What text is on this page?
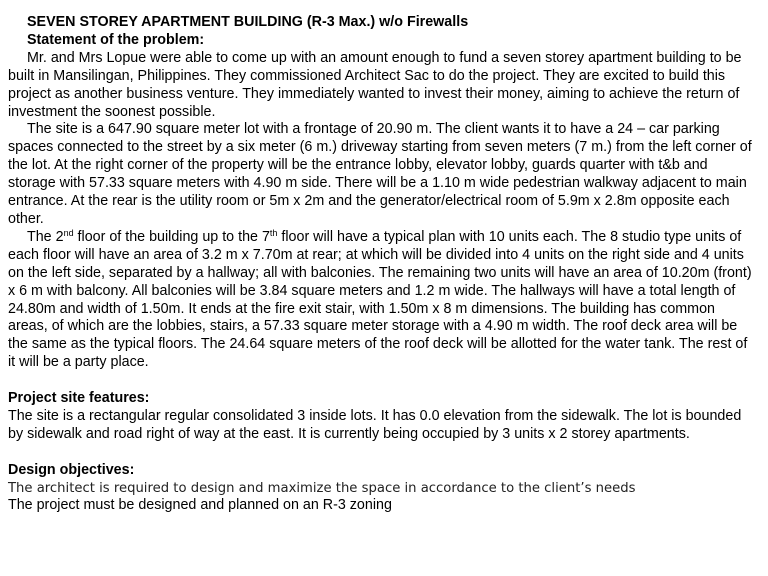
SEVEN STOREY APARTMENT BUILDING (R-3 Max.) w/o Firewalls
Statement of the problem:

Mr. and Mrs Lopue were able to come up with an amount enough to fund a seven storey apartment building to be built in Mansilingan, Philippines. They commissioned Architect Sac to do the project. They are excited to build this project as another business venture. They immediately wanted to invest their money, aiming to achieve the return of investment the soonest possible.

The site is a 647.90 square meter lot with a frontage of 20.90 m. The client wants it to have a 24 – car parking spaces connected to the street by a six meter (6 m.) driveway starting from seven meters (7 m.) from the left corner of the lot. At the right corner of the property will be the entrance lobby, elevator lobby, guards quarter with t&b and storage with 57.33 square meters with 4.90 m side. There will be a 1.10 m wide pedestrian walkway adjacent to main entrance. At the rear is the utility room or 5m x 2m and the generator/electrical room of 5.9m x 2.8m opposite each other.

The 2nd floor of the building up to the 7th floor will have a typical plan with 10 units each. The 8 studio type units of each floor will have an area of 3.2 m x 7.70m at rear; at which will be divided into 4 units on the right side and 4 units on the left side, separated by a hallway; all with balconies. The remaining two units will have an area of 10.20m (front) x 6 m with balcony. All balconies will be 3.84 square meters and 1.2 m wide. The hallways will have a total length of 24.80m and width of 1.50m. It ends at the fire exit stair, with 1.50m x 8 m dimensions. The building has common areas, of which are the lobbies, stairs, a 57.33 square meter storage with a 4.90 m width. The roof deck area will be the same as the typical floors. The 24.64 square meters of the roof deck will be allotted for the water tank. The rest of it will be a party place.

Project site features:

The site is a rectangular regular consolidated 3 inside lots. It has 0.0 elevation from the sidewalk. The lot is bounded by sidewalk and road right of way at the east. It is currently being occupied by 3 units x 2 storey apartments.

Design objectives:

The architect is required to design and maximize the space in accordance to the client’s needs

The project must be designed and planned on an R-3 zoning
